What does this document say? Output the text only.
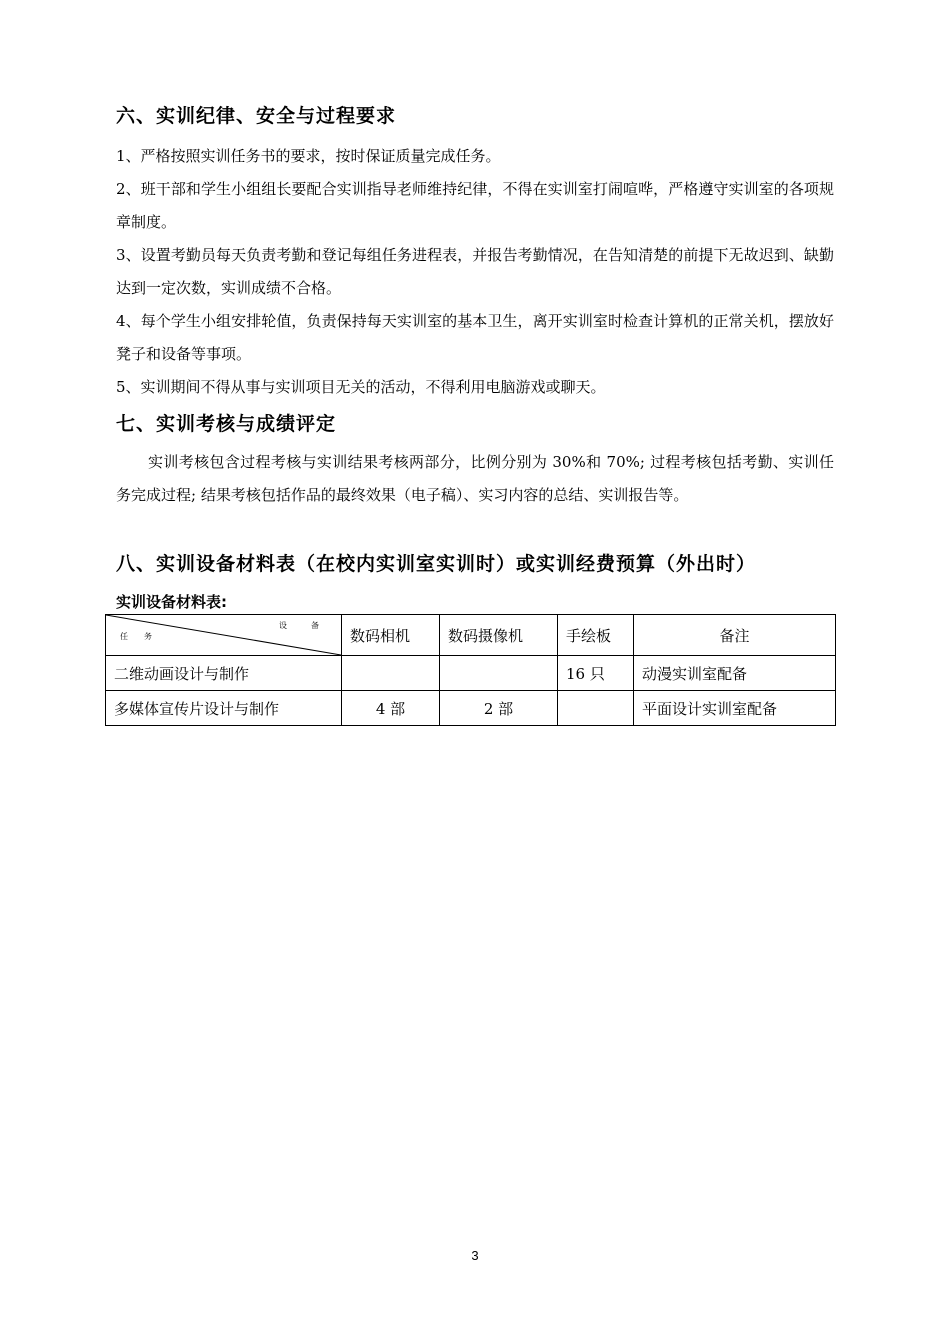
六、实训纪律、安全与过程要求
1、严格按照实训任务书的要求，按时保证质量完成任务。
2、班干部和学生小组组长要配合实训指导老师维持纪律，不得在实训室打闹喧哗，严格遵守实训室的各项规章制度。
3、设置考勤员每天负责考勤和登记每组任务进程表，并报告考勤情况，在告知清楚的前提下无故迟到、缺勤达到一定次数，实训成绩不合格。
4、每个学生小组安排轮值，负责保持每天实训室的基本卫生，离开实训室时检查计算机的正常关机，摆放好凳子和设备等事项。
5、实训期间不得从事与实训项目无关的活动，不得利用电脑游戏或聊天。
七、实训考核与成绩评定
实训考核包含过程考核与实训结果考核两部分，比例分别为 30%和 70%; 过程考核包括考勤、实训任务完成过程; 结果考核包括作品的最终效果（电子稿）、实习内容的总结、实训报告等。
八、实训设备材料表（在校内实训室实训时）或实训经费预算（外出时）
实训设备材料表:
设　　　备
任　　务	数码相机	数码摄像机	手绘板	备注
二维动画设计与制作			16 只	动漫实训室配备
多媒体宣传片设计与制作	4 部	2 部		平面设计实训室配备
3
